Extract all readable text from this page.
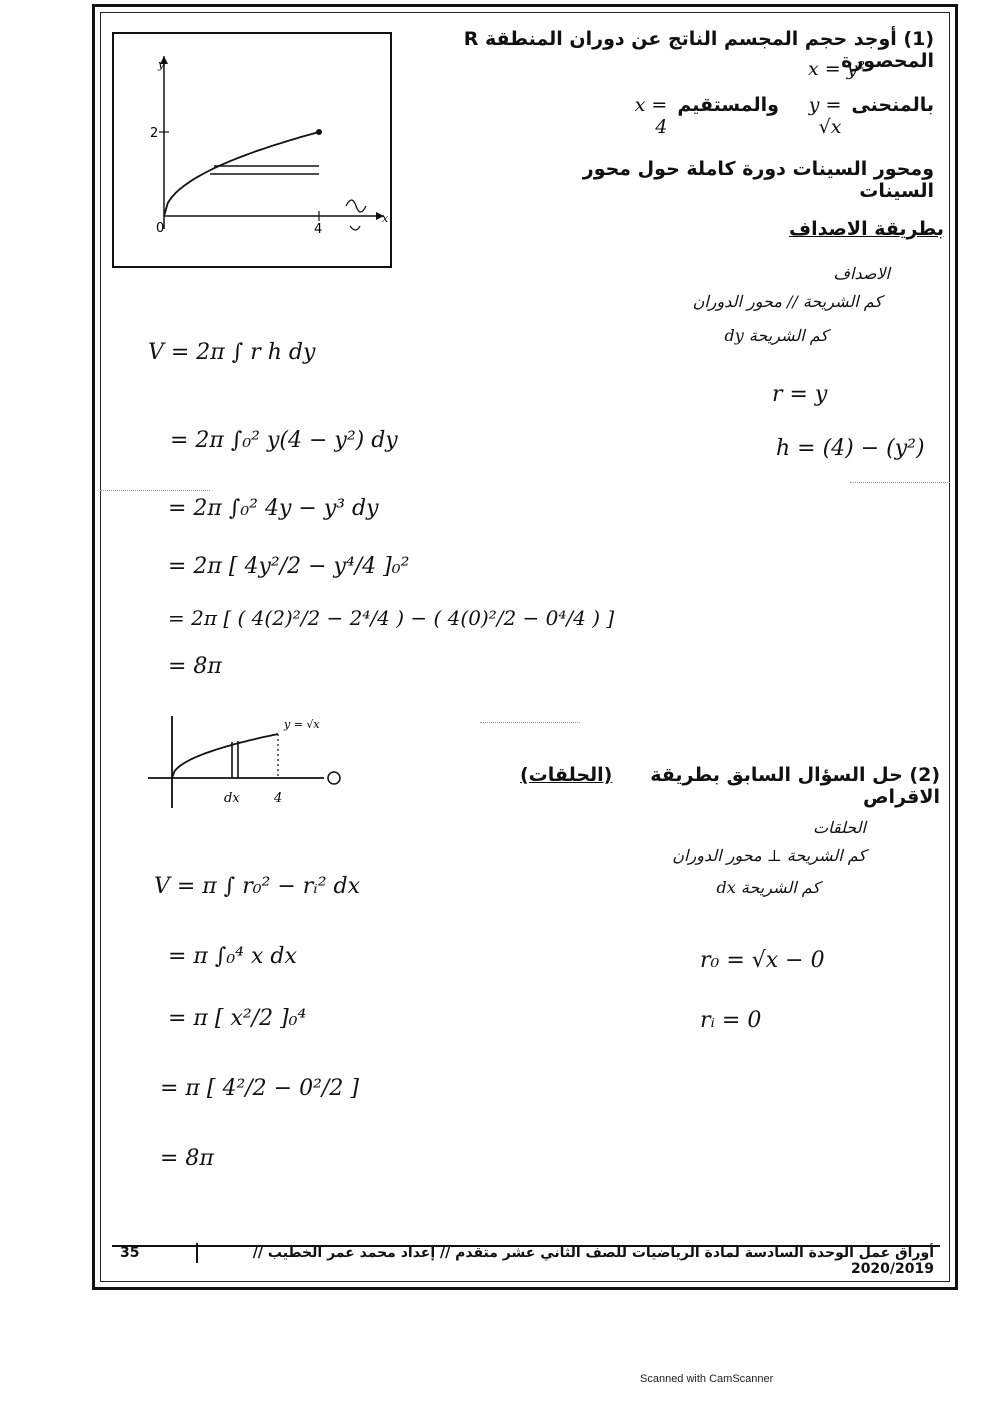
y
x
2
0	4
(1) أوجد حجم المجسم الناتج عن دوران المنطقة R المحصورة
x = y²
بالمنحنى
y = √x
والمستقيم
x = 4
ومحور السينات دورة كاملة حول محور السينات
بطريقة الاصداف
الاصداف
كم الشريحة // محور الدوران
كم الشريحة dy
r = y
h = (4) − (y²)
V = 2π ∫ r h dy
= 2π ∫₀² y(4 − y²) dy
= 2π ∫₀² 4y − y³ dy
= 2π [ 4y²/2 − y⁴/4 ]₀²
= 2π [ ( 4(2)²/2 − 2⁴/4 ) − ( 4(0)²/2 − 0⁴/4 ) ]
= 8π
y = √x
dx	4
(2) حل السؤال السابق بطريقة الاقراص
(الحلقات)
الحلقات
كم الشريحة ⊥ محور الدوران
كم الشريحة dx
r₀ = √x − 0
rᵢ = 0
V = π ∫ r₀² − rᵢ² dx
= π ∫₀⁴ x dx
= π [ x²/2 ]₀⁴
= π [ 4²/2 − 0²/2 ]
= 8π
35	أوراق عمل الوحدة السادسة لمادة الرياضيات للصف الثاني عشر متقدم // إعداد محمد عمر الخطيب // 2020/2019
Scanned with CamScanner
